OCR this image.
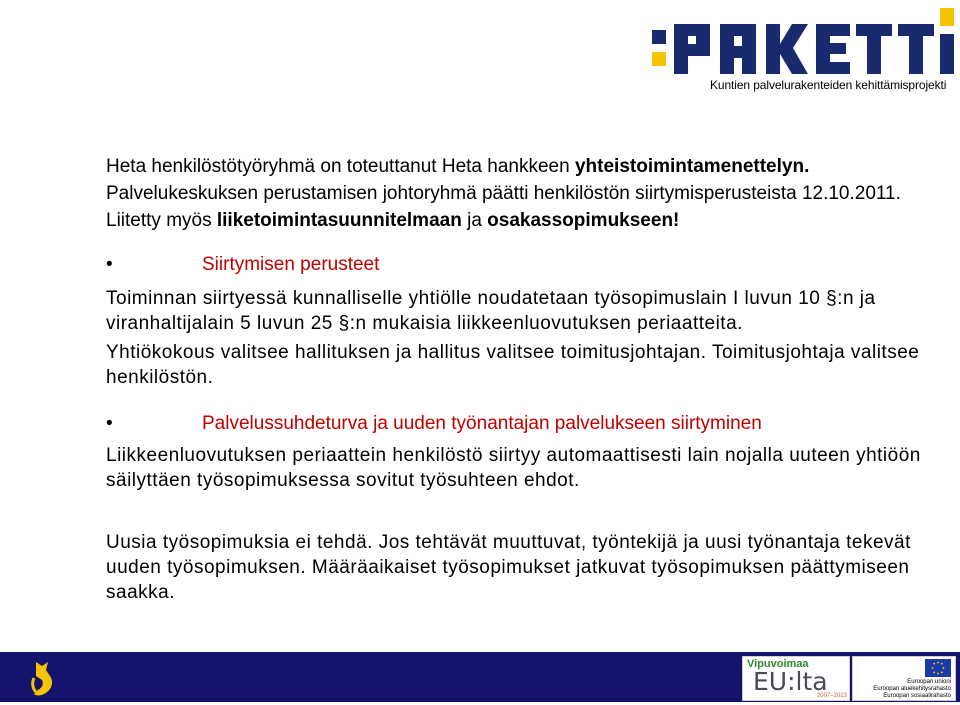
Kuntien palvelurakenteiden kehittämisprojekti
Heta henkilöstötyöryhmä on toteuttanut Heta hankkeen yhteistoimintamenettelyn. Palvelukeskuksen perustamisen johtoryhmä päätti henkilöstön siirtymisperusteista 12.10.2011. Liitetty myös liiketoimintasuunnitelmaan ja osakassopimukseen!
•	Siirtymisen perusteet
Toiminnan siirtyessä kunnalliselle yhtiölle noudatetaan työsopimuslain I luvun 10 §:n ja viranhaltijalain 5 luvun 25 §:n mukaisia liikkeenluovutuksen periaatteita.
Yhtiökokous valitsee hallituksen ja hallitus valitsee toimitusjohtajan. Toimitusjohtaja valitsee henkilöstön.
•	Palvelussuhdeturva ja uuden työnantajan palvelukseen siirtyminen
Liikkeenluovutuksen periaattein henkilöstö siirtyy automaattisesti lain nojalla uuteen yhtiöön säilyttäen työsopimuksessa sovitut työsuhteen ehdot.
Uusia työsopimuksia ei tehdä. Jos tehtävät muuttuvat, työntekijä ja uusi työnantaja tekevät uuden työsopimuksen. Määräaikaiset työsopimukset jatkuvat työsopimuksen päättymiseen saakka.
Vipuvoimaa
EU:lta
2007–2013
Euroopan unioni
Euroopan aluekehitysrahasto
Euroopan sosiaalirahasto
